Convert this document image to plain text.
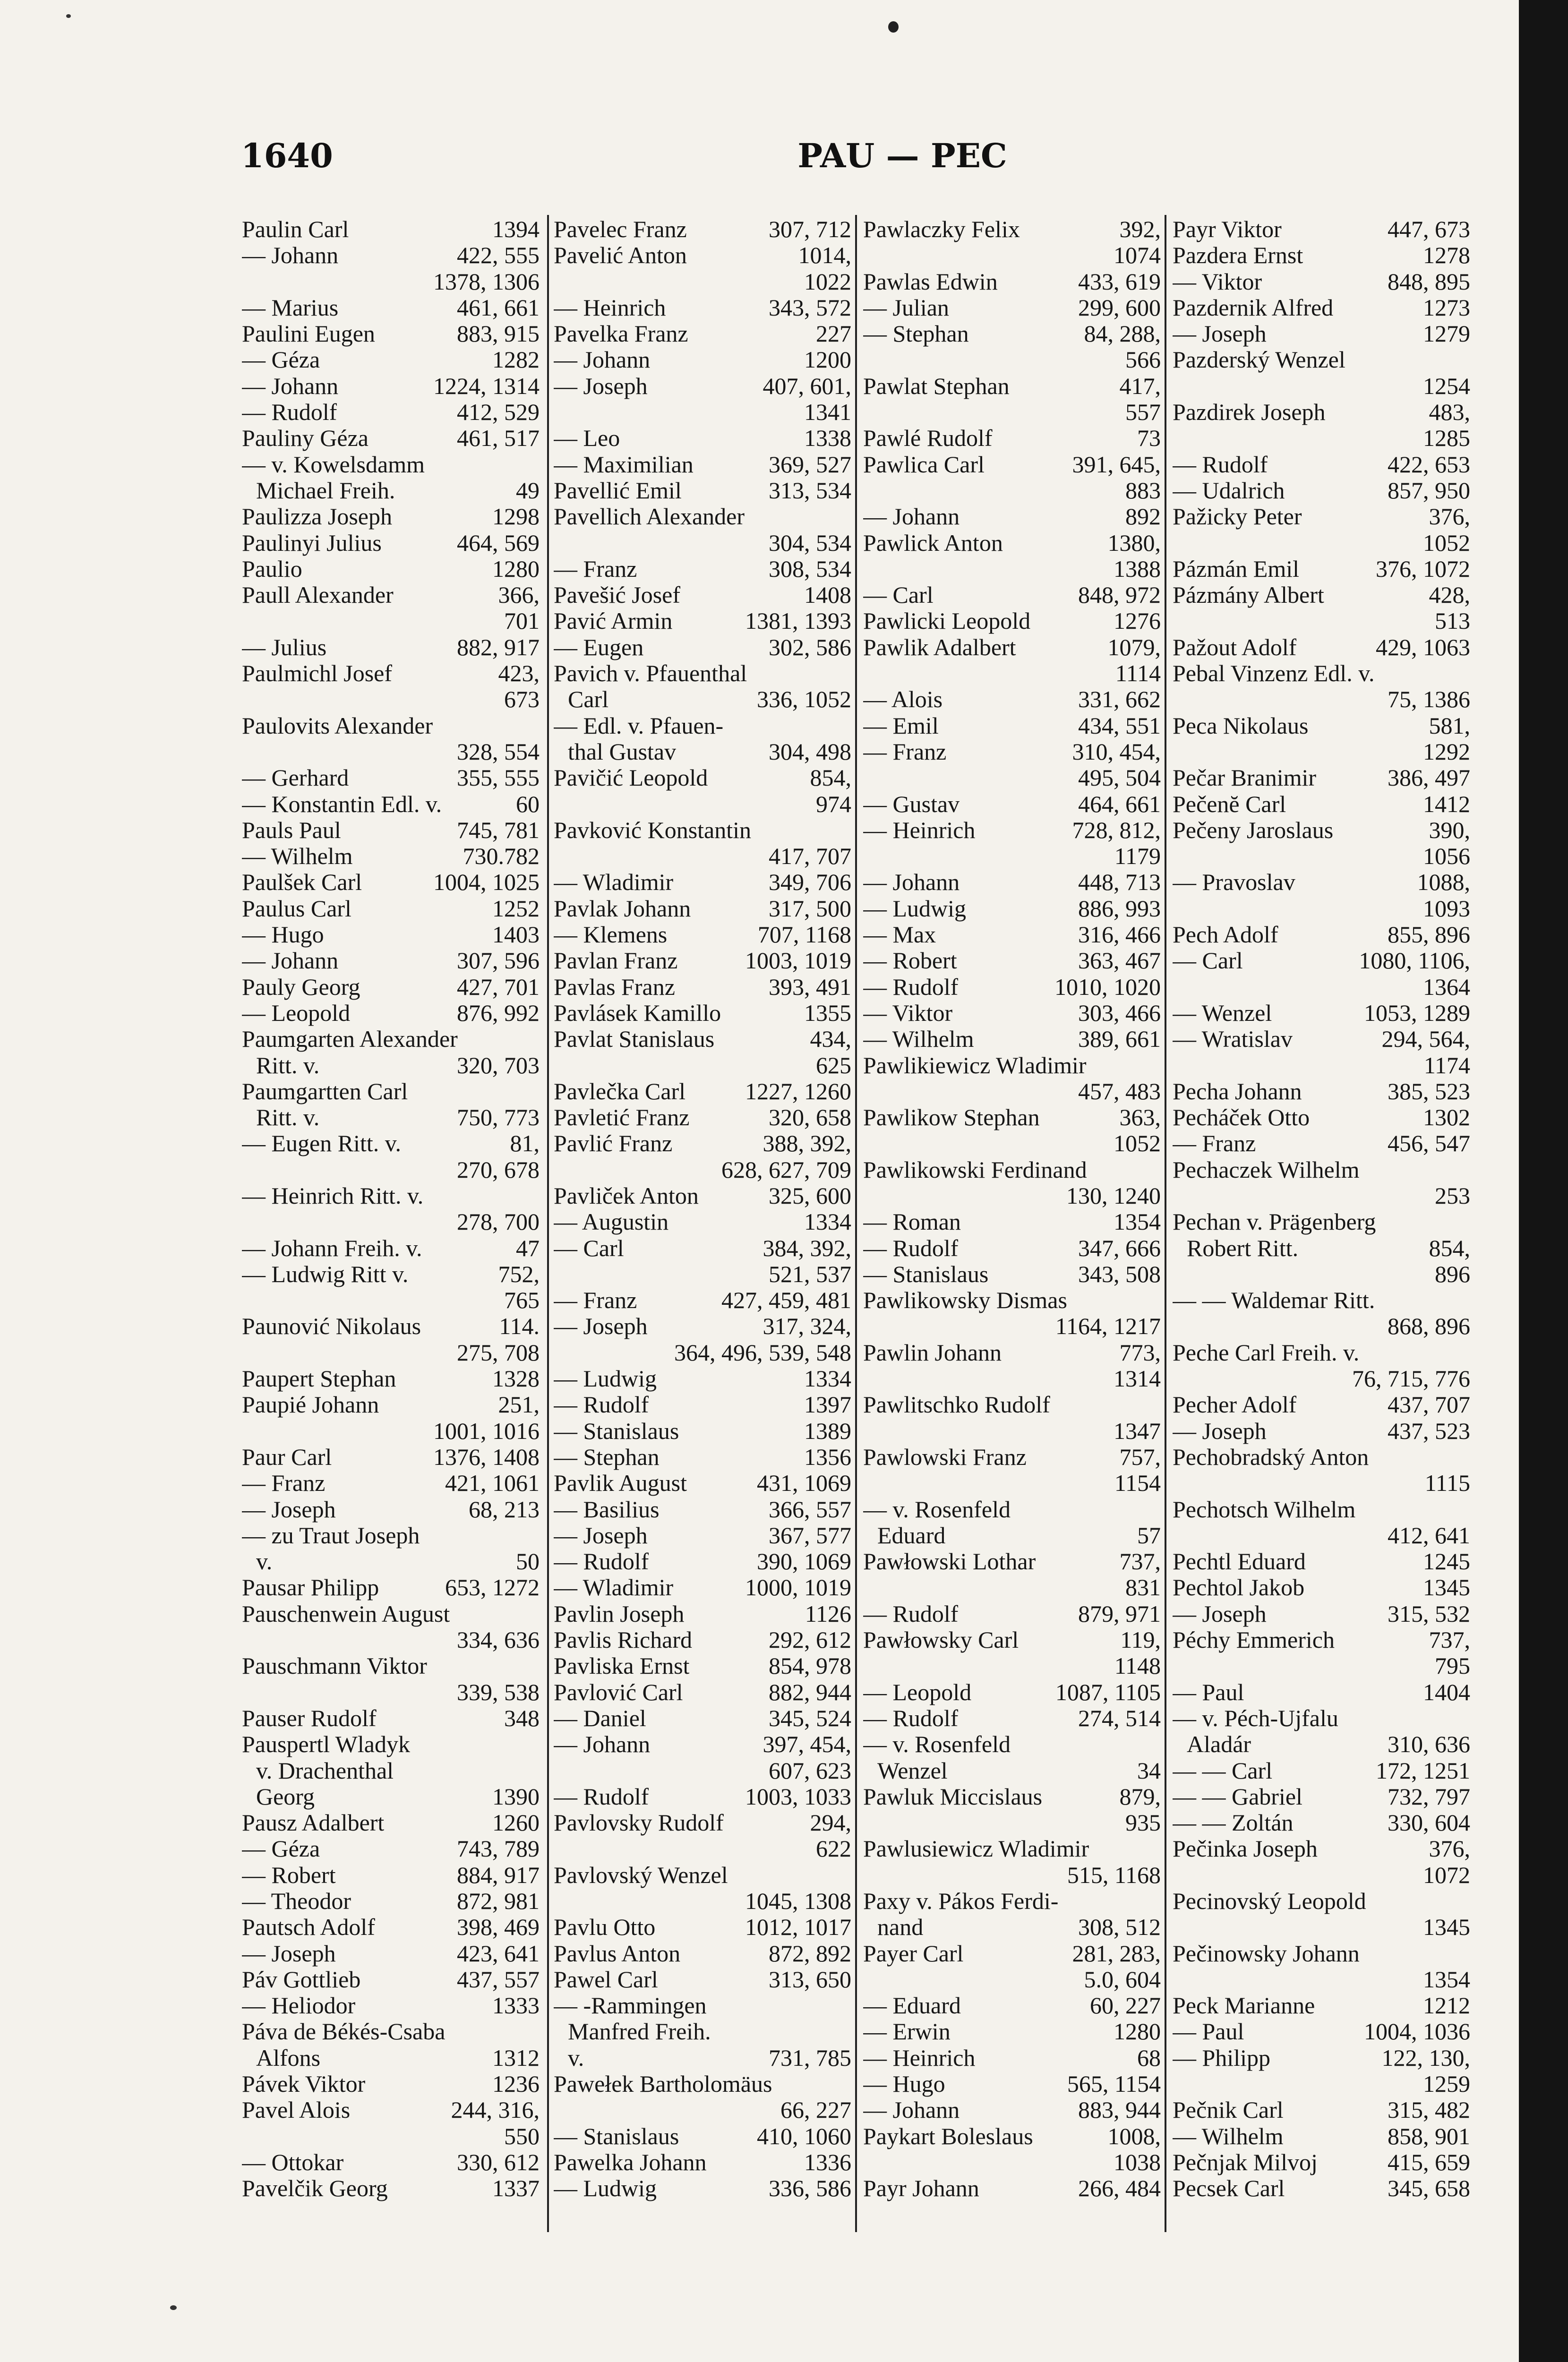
1640	PAU — PEC
Paulin Carl	1394
— Johann	422, 555
1378, 1306
— Marius	461, 661
Paulini Eugen	883, 915
— Géza	1282
— Johann	1224, 1314
— Rudolf	412, 529
Pauliny Géza	461, 517
— v. Kowelsdamm
Michael Freih.	49
Paulizza Joseph	1298
Paulinyi Julius	464, 569
Paulio	1280
Paull Alexander	366,
701
— Julius	882, 917
Paulmichl Josef	423,
673
Paulovits Alexander
328, 554
— Gerhard	355, 555
— Konstantin Edl. v.	60
Pauls Paul	745, 781
— Wilhelm	730.782
Paulšek Carl	1004, 1025
Paulus Carl	1252
— Hugo	1403
— Johann	307, 596
Pauly Georg	427, 701
— Leopold	876, 992
Paumgarten Alexander
Ritt. v.	320, 703
Paumgartten Carl
Ritt. v.	750, 773
— Eugen Ritt. v.	81,
270, 678
— Heinrich Ritt. v.
278, 700
— Johann Freih. v.	47
— Ludwig Ritt v.	752,
765
Paunović Nikolaus	114.
275, 708
Paupert Stephan	1328
Paupié Johann	251,
1001, 1016
Paur Carl	1376, 1408
— Franz	421, 1061
— Joseph	68, 213
— zu Traut Joseph
v.	50
Pausar Philipp	653, 1272
Pauschenwein August
334, 636
Pauschmann Viktor
339, 538
Pauser Rudolf	348
Pauspertl Wladyk
v. Drachenthal
Georg	1390
Pausz Adalbert	1260
— Géza	743, 789
— Robert	884, 917
— Theodor	872, 981
Pautsch Adolf	398, 469
— Joseph	423, 641
Páv Gottlieb	437, 557
— Heliodor	1333
Páva de Békés-Csaba
Alfons	1312
Pávek Viktor	1236
Pavel Alois	244, 316,
550
— Ottokar	330, 612
Pavelčik Georg	1337
Pavelec Franz	307, 712
Pavelić Anton	1014,
1022
— Heinrich	343, 572
Pavelka Franz	227
— Johann	1200
— Joseph	407, 601,
1341
— Leo	1338
— Maximilian	369, 527
Pavellić Emil	313, 534
Pavellich Alexander
304, 534
— Franz	308, 534
Pavešić Josef	1408
Pavić Armin	1381, 1393
— Eugen	302, 586
Pavich v. Pfauenthal
Carl	336, 1052
— Edl. v. Pfauen-
thal Gustav	304, 498
Pavičić Leopold	854,
974
Pavković Konstantin
417, 707
— Wladimir	349, 706
Pavlak Johann	317, 500
— Klemens	707, 1168
Pavlan Franz	1003, 1019
Pavlas Franz	393, 491
Pavlásek Kamillo	1355
Pavlat Stanislaus	434,
625
Pavlečka Carl	1227, 1260
Pavletić Franz	320, 658
Pavlić Franz	388, 392,
628, 627, 709
Pavliček Anton	325, 600
— Augustin	1334
— Carl	384, 392,
521, 537
— Franz	427, 459, 481
— Joseph	317, 324,
364, 496, 539, 548
— Ludwig	1334
— Rudolf	1397
— Stanislaus	1389
— Stephan	1356
Pavlik August	431, 1069
— Basilius	366, 557
— Joseph	367, 577
— Rudolf	390, 1069
— Wladimir	1000, 1019
Pavlin Joseph	1126
Pavlis Richard	292, 612
Pavliska Ernst	854, 978
Pavlović Carl	882, 944
— Daniel	345, 524
— Johann	397, 454,
607, 623
— Rudolf	1003, 1033
Pavlovsky Rudolf	294,
622
Pavlovský Wenzel
1045, 1308
Pavlu Otto	1012, 1017
Pavlus Anton	872, 892
Pawel Carl	313, 650
— -Rammingen
Manfred Freih.
v.	731, 785
Pawełek Bartholomäus
66, 227
— Stanislaus	410, 1060
Pawelka Johann	1336
— Ludwig	336, 586
Pawlaczky Felix	392,
1074
Pawlas Edwin	433, 619
— Julian	299, 600
— Stephan	84, 288,
566
Pawlat Stephan	417,
557
Pawlé Rudolf	73
Pawlica Carl	391, 645,
883
— Johann	892
Pawlick Anton	1380,
1388
— Carl	848, 972
Pawlicki Leopold	1276
Pawlik Adalbert	1079,
1114
— Alois	331, 662
— Emil	434, 551
— Franz	310, 454,
495, 504
— Gustav	464, 661
— Heinrich	728, 812,
1179
— Johann	448, 713
— Ludwig	886, 993
— Max	316, 466
— Robert	363, 467
— Rudolf	1010, 1020
— Viktor	303, 466
— Wilhelm	389, 661
Pawlikiewicz Wladimir
457, 483
Pawlikow Stephan	363,
1052
Pawlikowski Ferdinand
130, 1240
— Roman	1354
— Rudolf	347, 666
— Stanislaus	343, 508
Pawlikowsky Dismas
1164, 1217
Pawlin Johann	773,
1314
Pawlitschko Rudolf
1347
Pawlowski Franz	757,
1154
— v. Rosenfeld
Eduard	57
Pawłowski Lothar	737,
831
— Rudolf	879, 971
Pawłowsky Carl	119,
1148
— Leopold	1087, 1105
— Rudolf	274, 514
— v. Rosenfeld
Wenzel	34
Pawluk Miccislaus	879,
935
Pawlusiewicz Wladimir
515, 1168
Paxy v. Pákos Ferdi-
nand	308, 512
Payer Carl	281, 283,
5.0, 604
— Eduard	60, 227
— Erwin	1280
— Heinrich	68
— Hugo	565, 1154
— Johann	883, 944
Paykart Boleslaus	1008,
1038
Payr Johann	266, 484
Payr Viktor	447, 673
Pazdera Ernst	1278
— Viktor	848, 895
Pazdernik Alfred	1273
— Joseph	1279
Pazderský Wenzel
1254
Pazdirek Joseph	483,
1285
— Rudolf	422, 653
— Udalrich	857, 950
Pažicky Peter	376,
1052
Pázmán Emil	376, 1072
Pázmány Albert	428,
513
Pažout Adolf	429, 1063
Pebal Vinzenz Edl. v.
75, 1386
Peca Nikolaus	581,
1292
Pečar Branimir	386, 497
Pečenĕ Carl	1412
Pečeny Jaroslaus	390,
1056
— Pravoslav	1088,
1093
Pech Adolf	855, 896
— Carl	1080, 1106,
1364
— Wenzel	1053, 1289
— Wratislav	294, 564,
1174
Pecha Johann	385, 523
Pecháček Otto	1302
— Franz	456, 547
Pechaczek Wilhelm
253
Pechan v. Prägenberg
Robert Ritt.	854,
896
— — Waldemar Ritt.
868, 896
Peche Carl Freih. v.
76, 715, 776
Pecher Adolf	437, 707
— Joseph	437, 523
Pechobradský Anton
1115
Pechotsch Wilhelm
412, 641
Pechtl Eduard	1245
Pechtol Jakob	1345
— Joseph	315, 532
Péchy Emmerich	737,
795
— Paul	1404
— v. Péch-Ujfalu
Aladár	310, 636
— — Carl	172, 1251
— — Gabriel	732, 797
— — Zoltán	330, 604
Pečinka Joseph	376,
1072
Pecinovský Leopold
1345
Pečinowsky Johann
1354
Peck Marianne	1212
— Paul	1004, 1036
— Philipp	122, 130,
1259
Pečnik Carl	315, 482
— Wilhelm	858, 901
Pečnjak Milvoj	415, 659
Pecsek Carl	345, 658
